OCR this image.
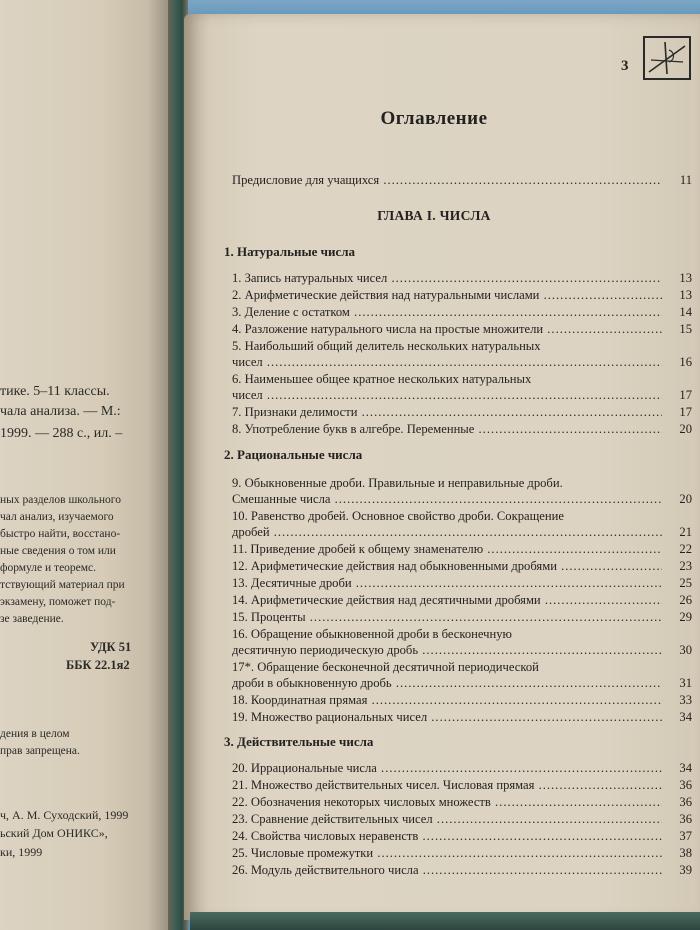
тике. 5–11 классы.
чала анализа. — М.:
1999. — 288 с., ил. –
ных разделов школьного
чал анализ, изучаемого
быстро найти, восстано-
ные сведения о том или
формуле и теоремс.
тствующий материал при
экзамену, поможет под-
зе заведение.
УДК 51
ББК 22.1я2
дения в целом
прав запрещена.
ч, А. М. Суходский, 1999
ьский Дом ОНИКС»,
ки, 1999
3
Оглавление
Предисловие для учащихся .....	11
ГЛАВА I. ЧИСЛА
1. Натуральные числа
1. Запись натуральных чисел .....	13
2. Арифметические действия над натуральными числами .....	13
3. Деление с остатком .....	14
4. Разложение натурального числа на простые множители .....	15
5. Наибольший общий делитель нескольких натуральных
чисел .....	16
6. Наименьшее общее кратное нескольких натуральных
чисел .....	17
7. Признаки делимости .....	17
8. Употребление букв в алгебре. Переменные .....	20
2. Рациональные числа
9. Обыкновенные дроби. Правильные и неправильные дроби.
Смешанные числа .....	20
10. Равенство дробей. Основное свойство дроби. Сокращение
дробей .....	21
11. Приведение дробей к общему знаменателю .....	22
12. Арифметические действия над обыкновенными дробями .....	23
13. Десятичные дроби .....	25
14. Арифметические действия над десятичными дробями .....	26
15. Проценты .....	29
16. Обращение обыкновенной дроби в бесконечную
десятичную периодическую дробь .....	30
17*. Обращение бесконечной десятичной периодической
дроби в обыкновенную дробь .....	31
18. Координатная прямая .....	33
19. Множество рациональных чисел .....	34
3. Действительные числа
20. Иррациональные числа .....	34
21. Множество действительных чисел. Числовая прямая .....	36
22. Обозначения некоторых числовых множеств .....	36
23. Сравнение действительных чисел .....	36
24. Свойства числовых неравенств .....	37
25. Числовые промежутки .....	38
26. Модуль действительного числа .....	39
